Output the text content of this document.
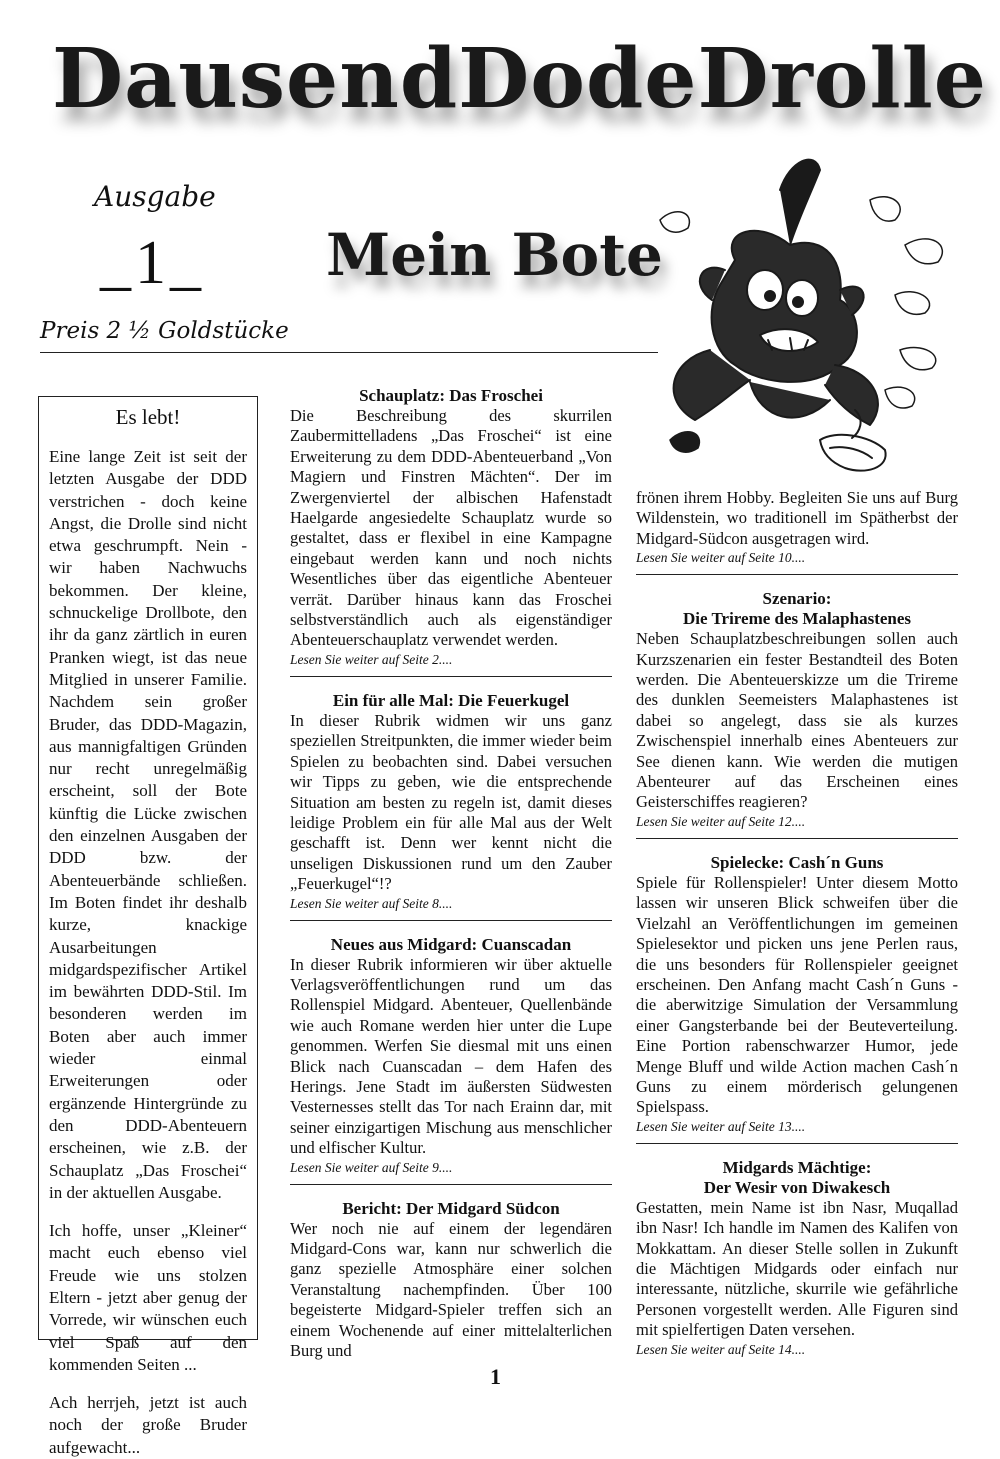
DausendDodeDrolle
Ausgabe
_1_ Mein Bote
Preis 2 ½ Goldstücke
Es lebt!

Eine lange Zeit ist seit der letzten Ausgabe der DDD verstrichen - doch keine Angst, die Drolle sind nicht etwa geschrumpft. Nein - wir haben Nachwuchs bekommen. Der kleine, schnuckelige Drollbote, den ihr da ganz zärtlich in euren Pranken wiegt, ist das neue Mitglied in unserer Familie. Nachdem sein großer Bruder, das DDD-Magazin, aus mannigfaltigen Gründen nur recht unregelmäßig erscheint, soll der Bote künftig die Lücke zwischen den einzelnen Ausgaben der DDD bzw. der Abenteuerbände schließen. Im Boten findet ihr deshalb kurze, knackige Ausarbeitungen midgardspezifischer Artikel im bewährten DDD-Stil. Im besonderen werden im Boten aber auch immer wieder einmal Erweiterungen oder ergänzende Hintergründe zu den DDD-Abenteuern erscheinen, wie z.B. der Schauplatz „Das Froschei“ in der aktuellen Ausgabe.

Ich hoffe, unser „Kleiner“ macht euch ebenso viel Freude wie uns stolzen Eltern - jetzt aber genug der Vorrede, wir wünschen euch viel Spaß auf den kommenden Seiten ...

Ach herrjeh, jetzt ist auch noch der große Bruder aufgewacht...

Schauplatz: Das Froschei

Die Beschreibung des skurrilen Zaubermittelladens „Das Froschei“ ist eine Erweiterung zu dem DDD-Abenteuerband „Von Magiern und Finstren Mächten“. Der im Zwergenviertel der albischen Hafenstadt Haelgarde angesiedelte Schauplatz wurde so gestaltet, dass er flexibel in eine Kampagne eingebaut werden kann und noch nichts Wesentliches über das eigentliche Abenteuer verrät. Darüber hinaus kann das Froschei selbstverständlich auch als eigenständiger Abenteuerschauplatz verwendet werden.

Lesen Sie weiter auf Seite 2....

Ein für alle Mal: Die Feuerkugel

In dieser Rubrik widmen wir uns ganz speziellen Streitpunkten, die immer wieder beim Spielen zu beobachten sind. Dabei versuchen wir Tipps zu geben, wie die entsprechende Situation am besten zu regeln ist, damit dieses leidige Problem ein für alle Mal aus der Welt geschafft ist. Denn wer kennt nicht die unseligen Diskussionen rund um den Zauber „Feuerkugel“!?

Lesen Sie weiter auf Seite 8....

Neues aus Midgard: Cuanscadan

In dieser Rubrik informieren wir über aktuelle Verlagsveröffentlichungen rund um das Rollenspiel Midgard. Abenteuer, Quellenbände wie auch Romane werden hier unter die Lupe genommen. Werfen Sie diesmal mit uns einen Blick nach Cuanscadan – dem Hafen des Herings. Jene Stadt im äußersten Südwesten Vesternesses stellt das Tor nach Erainn dar, mit seiner einzigartigen Mischung aus menschlicher und elfischer Kultur.

Lesen Sie weiter auf Seite 9....

Bericht: Der Midgard Südcon

Wer noch nie auf einem der legendären Midgard-Cons war, kann nur schwerlich die ganz spezielle Atmosphäre einer solchen Veranstaltung nachempfinden. Über 100 begeisterte Midgard-Spieler treffen sich an einem Wochenende auf einer mittelalterlichen Burg und

frönen ihrem Hobby. Begleiten Sie uns auf Burg Wildenstein, wo traditionell im Spätherbst der Midgard-Südcon ausgetragen wird.

Lesen Sie weiter auf Seite 10....

Szenario:
Die Trireme des Malaphastenes

Neben Schauplatzbeschreibungen sollen auch Kurzszenarien ein fester Bestandteil des Boten werden. Die Abenteuerskizze um die Trireme des dunklen Seemeisters Malaphastenes ist dabei so angelegt, dass sie als kurzes Zwischenspiel innerhalb eines Abenteuers zur See dienen kann. Wie werden die mutigen Abenteurer auf das Erscheinen eines Geisterschiffes reagieren?

Lesen Sie weiter auf Seite 12....

Spielecke: Cash´n Guns

Spiele für Rollenspieler! Unter diesem Motto lassen wir unseren Blick schweifen über die Vielzahl an Veröffentlichungen im gemeinen Spielesektor und picken uns jene Perlen raus, die uns besonders für Rollenspieler geeignet erscheinen. Den Anfang macht Cash´n Guns - die aberwitzige Simulation der Versammlung einer Gangsterbande bei der Beuteverteilung. Eine Portion rabenschwarzer Humor, jede Menge Bluff und wilde Action machen Cash´n Guns zu einem mörderisch gelungenen Spielspass.

Lesen Sie weiter auf Seite 13....

Midgards Mächtige:
Der Wesir von Diwakesch

Gestatten, mein Name ist ibn Nasr, Muqallad ibn Nasr! Ich handle im Namen des Kalifen von Mokkattam. An dieser Stelle sollen in Zukunft die Mächtigen Midgards oder einfach nur interessante, nützliche, skurrile wie gefährliche Personen vorgestellt werden. Alle Figuren sind mit spielfertigen Daten versehen.

Lesen Sie weiter auf Seite 14....

1
